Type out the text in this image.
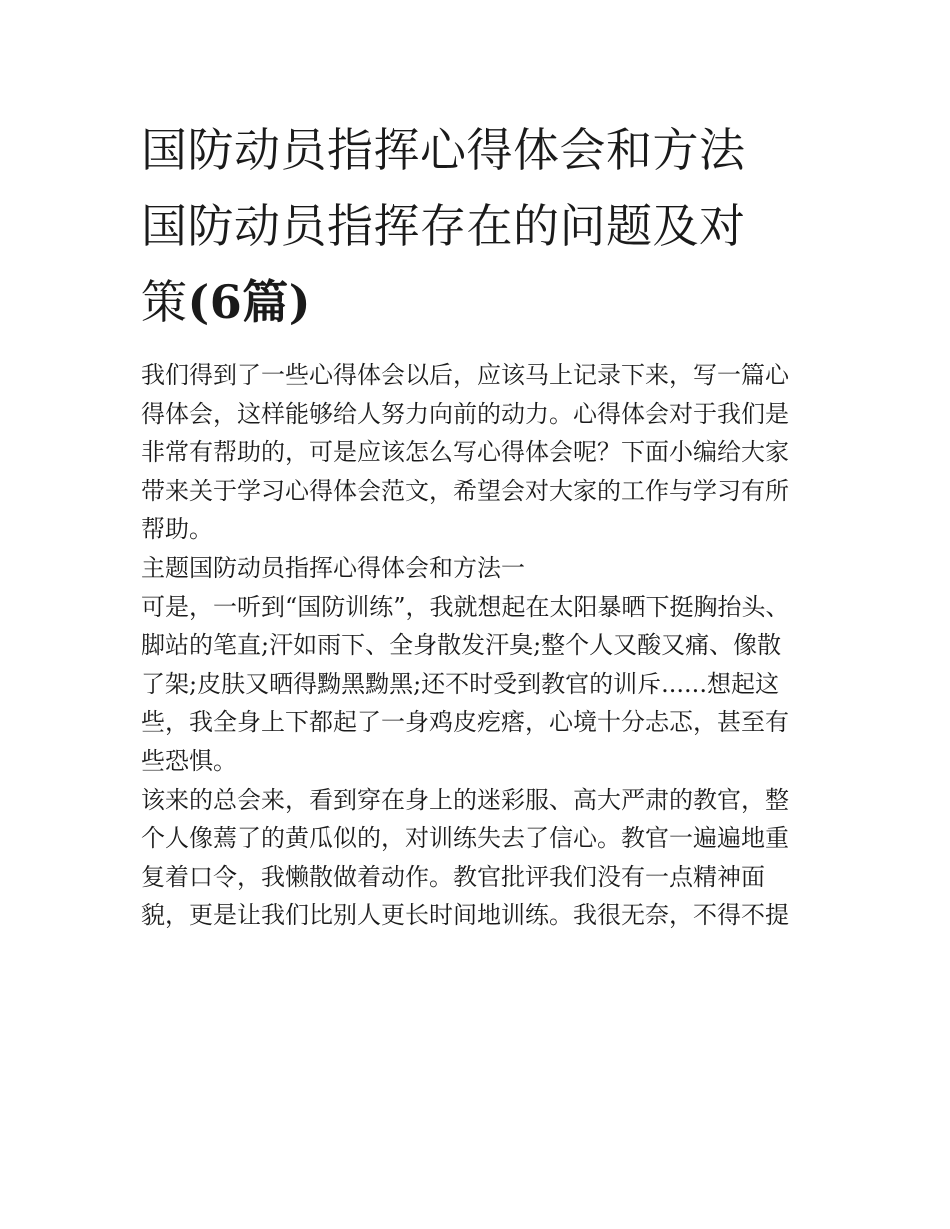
国防动员指挥心得体会和方法
国防动员指挥存在的问题及对
策(6篇)
我们得到了一些心得体会以后，应该马上记录下来，写一篇心
得体会，这样能够给人努力向前的动力。心得体会对于我们是
非常有帮助的，可是应该怎么写心得体会呢？下面小编给大家
带来关于学习心得体会范文，希望会对大家的工作与学习有所
帮助。
主题国防动员指挥心得体会和方法一
可是，一听到“国防训练”，我就想起在太阳暴晒下挺胸抬头、
脚站的笔直;汗如雨下、全身散发汗臭;整个人又酸又痛、像散
了架;皮肤又晒得黝黑黝黑;还不时受到教官的训斥......想起这
些，我全身上下都起了一身鸡皮疙瘩，心境十分忐忑，甚至有
些恐惧。
该来的总会来，看到穿在身上的迷彩服、高大严肃的教官，整
个人像蔫了的黄瓜似的，对训练失去了信心。教官一遍遍地重
复着口令，我懒散做着动作。教官批评我们没有一点精神面
貌，更是让我们比别人更长时间地训练。我很无奈，不得不提
